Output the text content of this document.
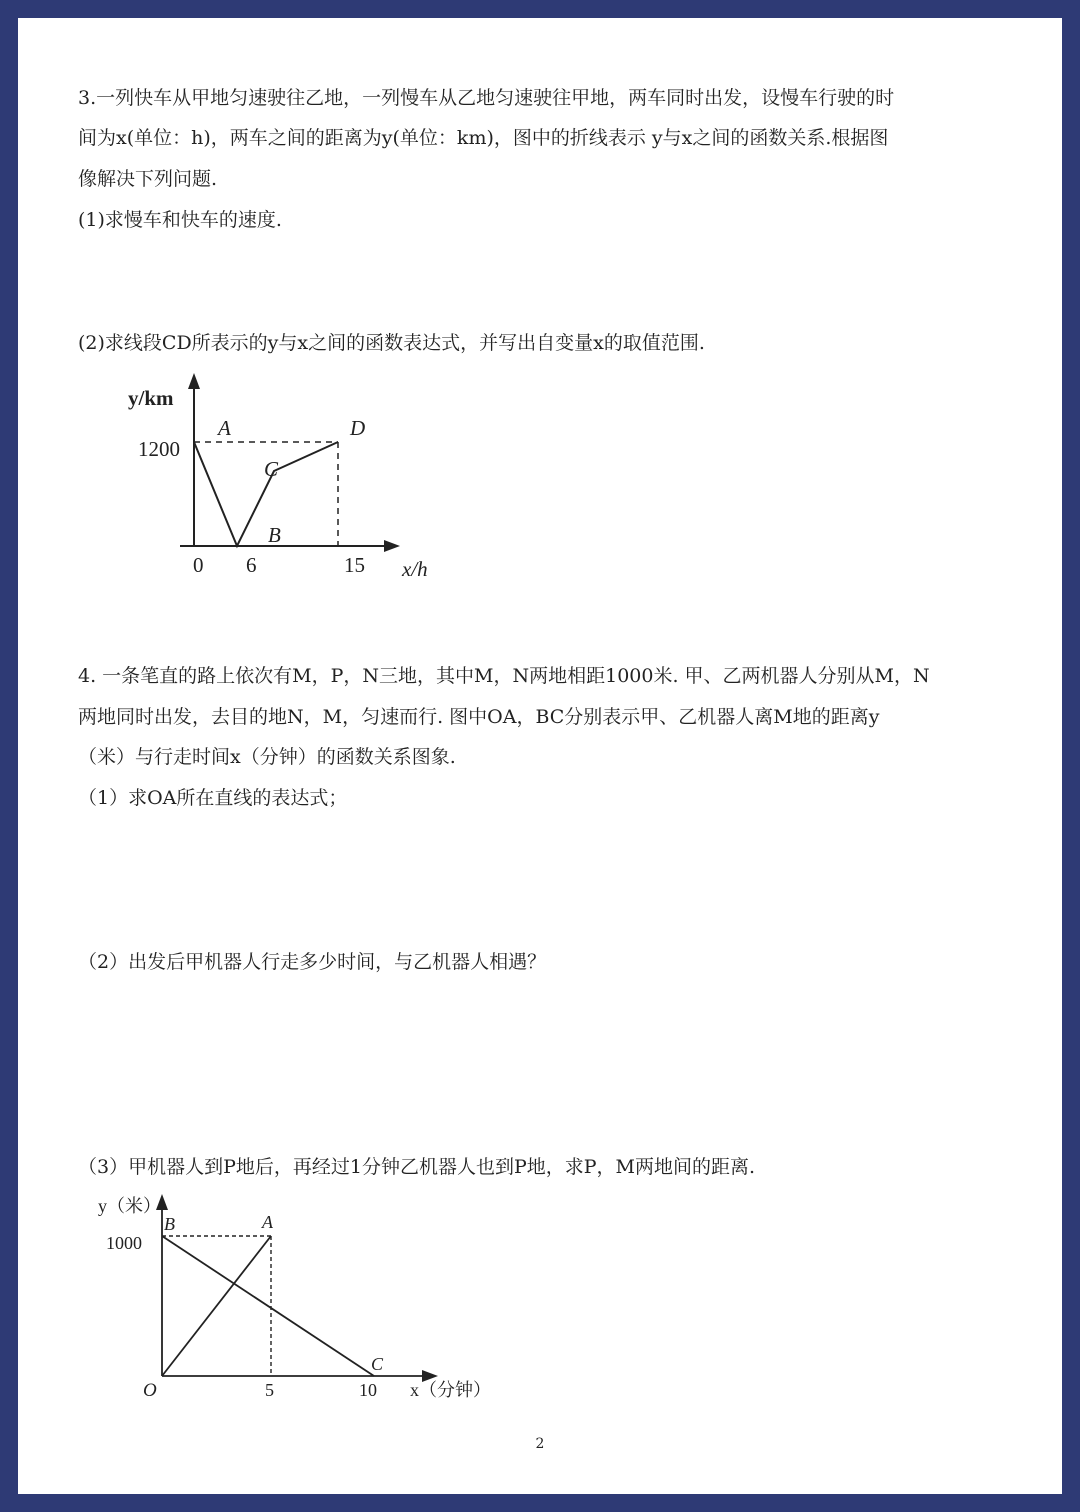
3.一列快车从甲地匀速驶往乙地，一列慢车从乙地匀速驶往甲地，两车同时出发，设慢车行驶的时
间为x(单位：h)，两车之间的距离为y(单位：km)，图中的折线表示 y与x之间的函数关系.根据图
像解决下列问题.
(1)求慢车和快车的速度.
(2)求线段CD所表示的y与x之间的函数表达式，并写出自变量x的取值范围.
y/km
1200
0 6	15 x/h
A
B
C
D
4. 一条笔直的路上依次有M，P，N三地，其中M，N两地相距1000米. 甲、乙两机器人分别从M，N
两地同时出发，去目的地N，M，匀速而行. 图中OA，BC分别表示甲、乙机器人离M地的距离y
（米）与行走时间x（分钟）的函数关系图象.
（1）求OA所在直线的表达式；
（2）出发后甲机器人行走多少时间，与乙机器人相遇？
（3）甲机器人到P地后，再经过1分钟乙机器人也到P地，求P，M两地间的距离.
y（米）
1000
O	5	10 x（分钟）
B	A
C
2
